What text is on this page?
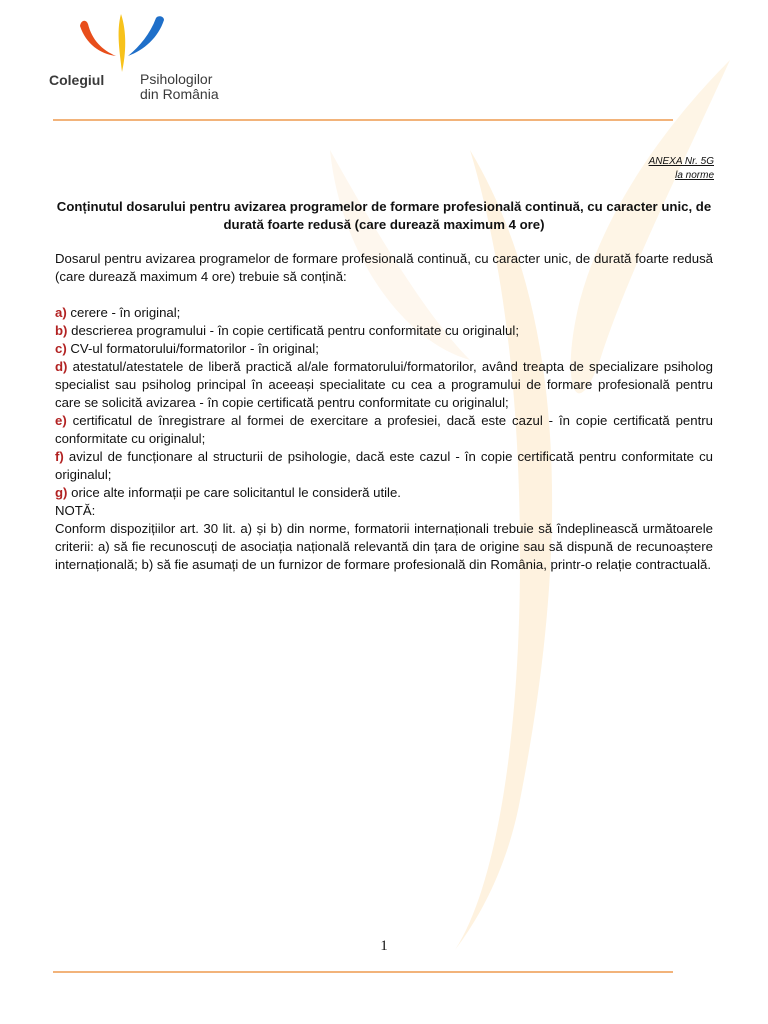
Colegiul	Psihologilor
din România
ANEXA Nr. 5G
la norme
Conținutul dosarului pentru avizarea programelor de formare profesională continuă, cu caracter unic, de durată foarte redusă (care durează maximum 4 ore)

Dosarul pentru avizarea programelor de formare profesională continuă, cu caracter unic, de durată foarte redusă (care durează maximum 4 ore) trebuie să conțină:

a) cerere - în original;
b) descrierea programului - în copie certificată pentru conformitate cu originalul;
c) CV-ul formatorului/formatorilor - în original;
d) atestatul/atestatele de liberă practică al/ale formatorului/formatorilor, având treapta de specializare psiholog specialist sau psiholog principal în aceeași specialitate cu cea a programului de formare profesională pentru care se solicită avizarea - în copie certificată pentru conformitate cu originalul;
e) certificatul de înregistrare al formei de exercitare a profesiei, dacă este cazul - în copie certificată pentru conformitate cu originalul;
f) avizul de funcționare al structurii de psihologie, dacă este cazul - în copie certificată pentru conformitate cu originalul;
g) orice alte informații pe care solicitantul le consideră utile.

NOTĂ:

Conform dispozițiilor art. 30 lit. a) și b) din norme, formatorii internaționali trebuie să îndeplinească următoarele criterii: a) să fie recunoscuți de asociația națională relevantă din țara de origine sau să dispună de recunoaștere internațională; b) să fie asumați de un furnizor de formare profesională din România, printr-o relație contractuală.

1
